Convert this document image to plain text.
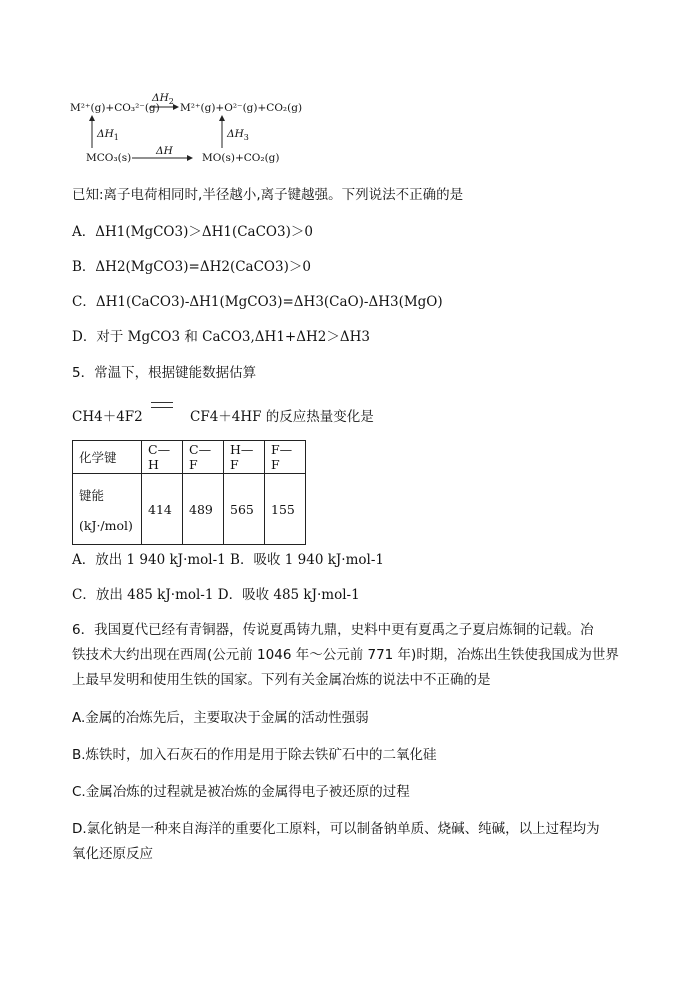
M²⁺(g)+CO₃²⁻(g) M²⁺(g)+O²⁻(g)+CO₂(g)
$\Delta H_2$
$\Delta H_1$	$\Delta H_3$
ΔH
MCO₃(s)	MO(s)+CO₂(g)
已知:离子电荷相同时,半径越小,离子键越强。下列说法不正确的是
A．ΔH1(MgCO3)＞ΔH1(CaCO3)＞0
B．ΔH2(MgCO3)=ΔH2(CaCO3)＞0
C．ΔH1(CaCO3)-ΔH1(MgCO3)=ΔH3(CaO)-ΔH3(MgO)
D．对于 MgCO3 和 CaCO3,ΔH1+ΔH2＞ΔH3
5．常温下，根据键能数据估算
CH4＋4F2	CF4＋4HF 的反应热量变化是
化学键	C—H	C—F	H—F	F—F

键能
(kJ·/mol)	414	489	565	155
A．放出 1 940 kJ·mol-1 B．吸收 1 940 kJ·mol-1
C．放出 485 kJ·mol-1 D．吸收 485 kJ·mol-1
6．我国夏代已经有青铜器，传说夏禹铸九鼎，史料中更有夏禹之子夏启炼铜的记载。冶
铁技术大约出现在西周(公元前 1046 年～公元前 771 年)时期，冶炼出生铁使我国成为世界
上最早发明和使用生铁的国家。下列有关金属冶炼的说法中不正确的是
A.金属的冶炼先后，主要取决于金属的活动性强弱
B.炼铁时，加入石灰石的作用是用于除去铁矿石中的二氧化硅
C.金属冶炼的过程就是被冶炼的金属得电子被还原的过程
D.氯化钠是一种来自海洋的重要化工原料，可以制备钠单质、烧碱、纯碱，以上过程均为
氧化还原反应
